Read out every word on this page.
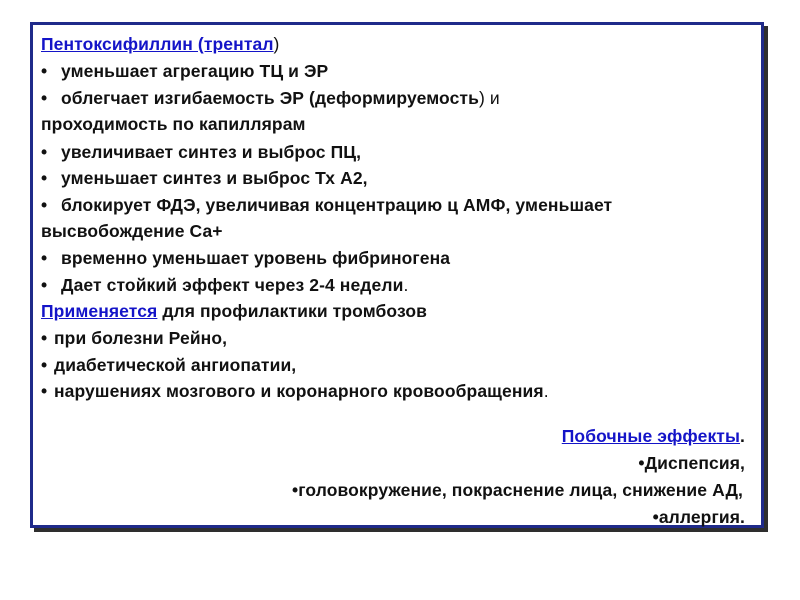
Пентоксифиллин (трентал)
• уменьшает агрегацию ТЦ и ЭР
• облегчает изгибаемость ЭР (деформируемость) и
проходимость по капиллярам
• увеличивает синтез и выброс ПЦ,
• уменьшает синтез и выброс Тх А2,
• блокирует ФДЭ, увеличивая концентрацию ц АМФ, уменьшает
высвобождение Са+
• временно уменьшает уровень фибриногена
• Дает стойкий эффект через 2-4 недели.
Применяется для профилактики тромбозов
• при болезни Рейно,
• диабетической ангиопатии,
• нарушениях мозгового и коронарного кровообращения.
Побочные эффекты.
•Диспепсия,
•головокружение, покраснение лица, снижение АД,
•аллергия.
